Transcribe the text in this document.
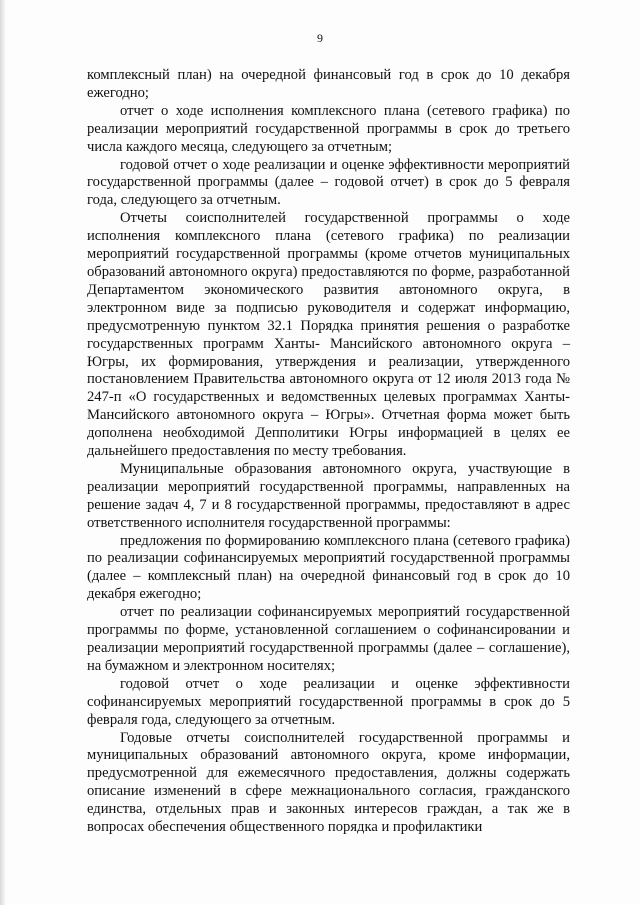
9

комплексный план) на очередной финансовый год в срок до 10 декабря ежегодно;

отчет о ходе исполнения комплексного плана (сетевого графика) по реализации мероприятий государственной программы в срок до третьего числа каждого месяца, следующего за отчетным;

годовой отчет о ходе реализации и оценке эффективности мероприятий государственной программы (далее – годовой отчет) в срок до 5 февраля года, следующего за отчетным.

Отчеты соисполнителей государственной программы о ходе исполнения комплексного плана (сетевого графика) по реализации мероприятий государственной программы (кроме отчетов муниципальных образований автономного округа) предоставляются по форме, разработанной Департаментом экономического развития автономного округа, в электронном виде за подписью руководителя и содержат информацию, предусмотренную пунктом 32.1 Порядка принятия решения о разработке государственных программ Ханты- Мансийского автономного округа – Югры, их формирования, утверждения и реализации, утвержденного постановлением Правительства автономного округа от 12 июля 2013 года № 247-п «О государственных и ведомственных целевых программах Ханты-Мансийского автономного округа – Югры». Отчетная форма может быть дополнена необходимой Депполитики Югры информацией в целях ее дальнейшего предоставления по месту требования.

Муниципальные образования автономного округа, участвующие в реализации мероприятий государственной программы, направленных на решение задач 4, 7 и 8 государственной программы, предоставляют в адрес ответственного исполнителя государственной программы:

предложения по формированию комплексного плана (сетевого графика) по реализации софинансируемых мероприятий государственной программы (далее – комплексный план) на очередной финансовый год в срок до 10 декабря ежегодно;

отчет по реализации софинансируемых мероприятий государственной программы по форме, установленной соглашением о софинансировании и реализации мероприятий государственной программы (далее – соглашение), на бумажном и электронном носителях;

годовой отчет о ходе реализации и оценке эффективности софинансируемых мероприятий государственной программы в срок до 5 февраля года, следующего за отчетным.

Годовые отчеты соисполнителей государственной программы и муниципальных образований автономного округа, кроме информации, предусмотренной для ежемесячного предоставления, должны содержать описание изменений в сфере межнационального согласия, гражданского единства, отдельных прав и законных интересов граждан, а так же в вопросах обеспечения общественного порядка и профилактики
